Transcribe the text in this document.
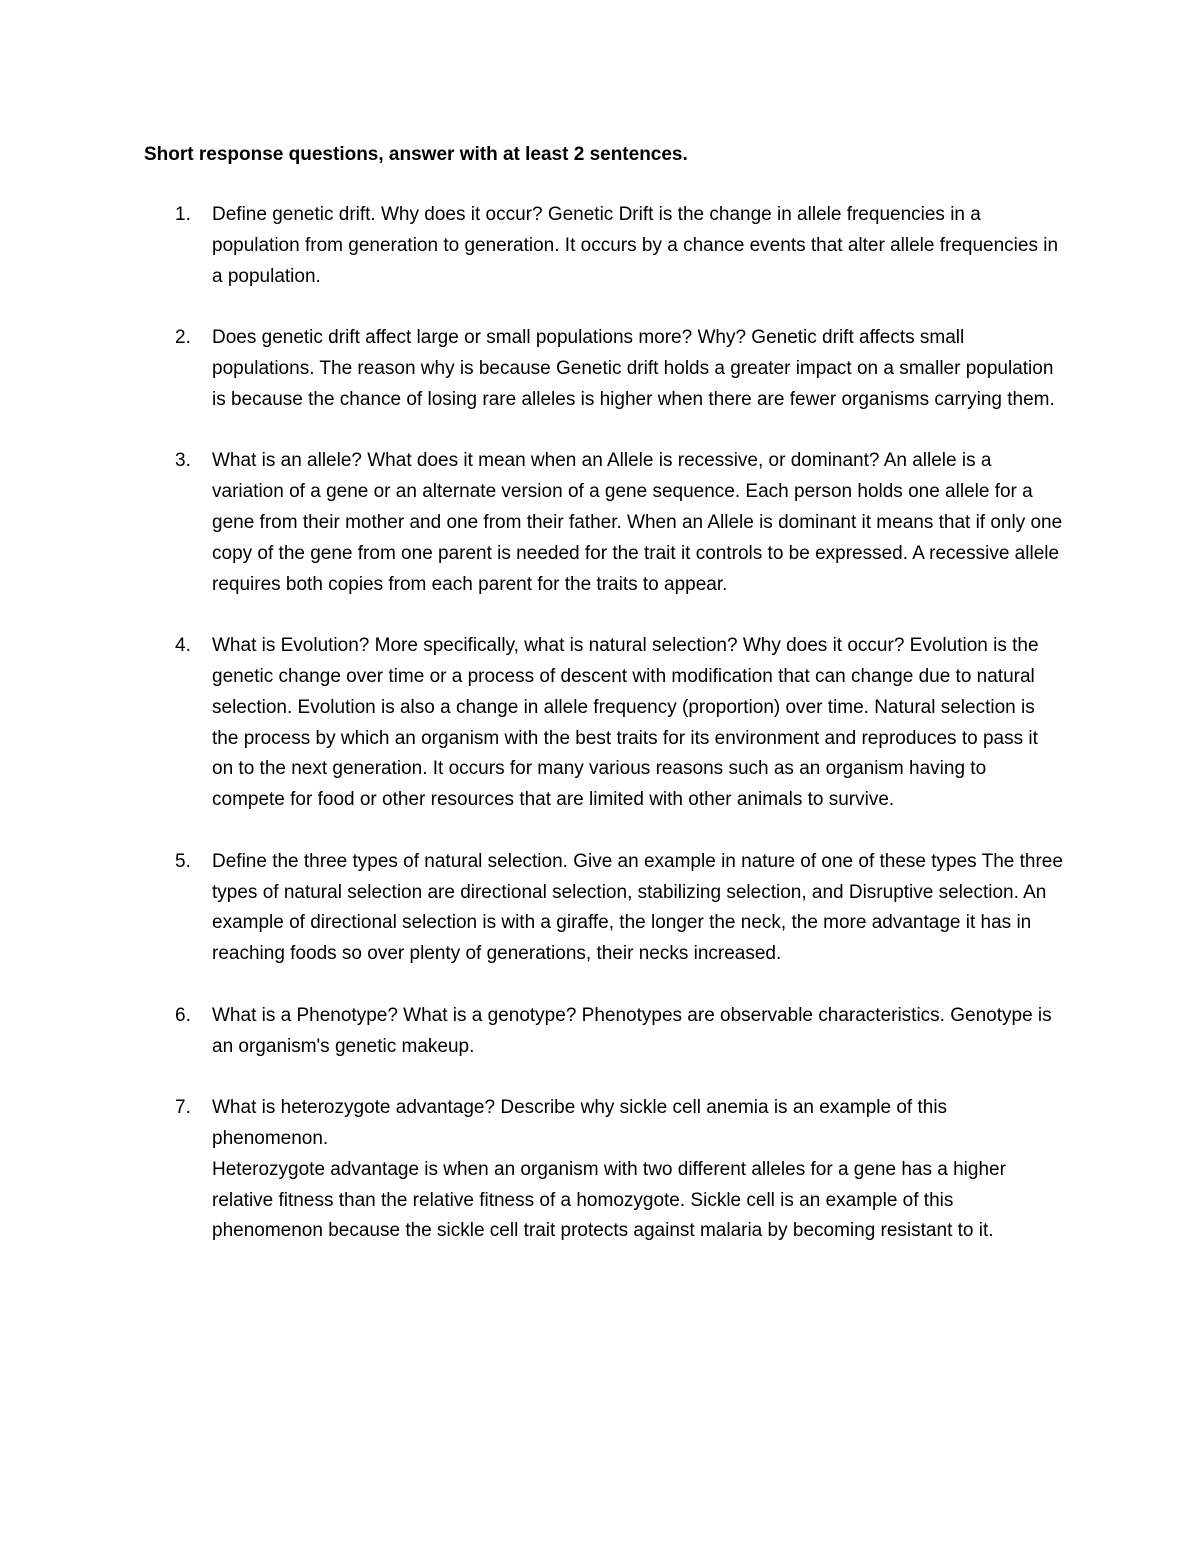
Short response questions, answer with at least 2 sentences.
1.	Define genetic drift. Why does it occur? Genetic Drift is the change in allele frequencies in a population from generation to generation. It occurs by a chance events that alter allele frequencies in a population.
2.	Does genetic drift affect large or small populations more? Why? Genetic drift affects small populations. The reason why is because Genetic drift holds a greater impact on a smaller population is because the chance of losing rare alleles is higher when there are fewer organisms carrying them.
3.	What is an allele? What does it mean when an Allele is recessive, or dominant? An allele is a variation of a gene or an alternate version of a gene sequence. Each person holds one allele for a gene from their mother and one from their father. When an Allele is dominant it means that if only one copy of the gene from one parent is needed for the trait it controls to be expressed. A recessive allele requires both copies from each parent for the traits to appear.
4.	What is Evolution? More specifically, what is natural selection? Why does it occur? Evolution is the genetic change over time or a process of descent with modification that can change due to natural selection. Evolution is also a change in allele frequency (proportion) over time. Natural selection is the process by which an organism with the best traits for its environment and reproduces to pass it on to the next generation. It occurs for many various reasons such as an organism having to compete for food or other resources that are limited with other animals to survive.
5.	Define the three types of natural selection. Give an example in nature of one of these types The three types of natural selection are directional selection, stabilizing selection, and Disruptive selection. An example of directional selection is with a giraffe, the longer the neck, the more advantage it has in reaching foods so over plenty of generations, their necks increased.
6.	What is a Phenotype? What is a genotype? Phenotypes are observable characteristics. Genotype is an organism's genetic makeup.
7.	What is heterozygote advantage? Describe why sickle cell anemia is an example of this phenomenon.
Heterozygote advantage is when an organism with two different alleles for a gene has a higher relative fitness than the relative fitness of a homozygote. Sickle cell is an example of this phenomenon because the sickle cell trait protects against malaria by becoming resistant to it.
